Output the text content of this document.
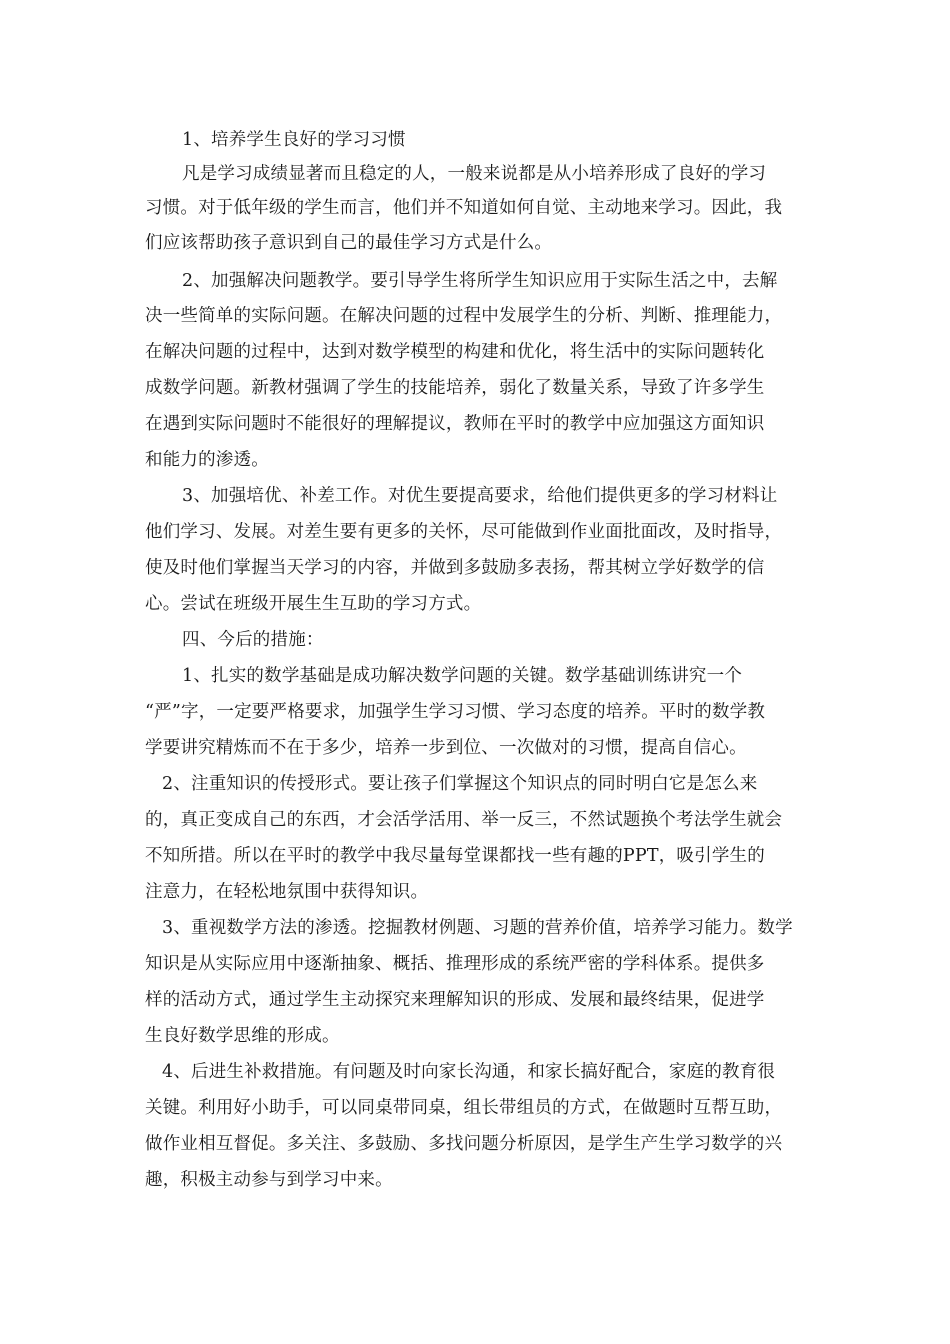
1、培养学生良好的学习习惯
凡是学习成绩显著而且稳定的人，一般来说都是从小培养形成了良好的学习
习惯。对于低年级的学生而言，他们并不知道如何自觉、主动地来学习。因此，我
们应该帮助孩子意识到自己的最佳学习方式是什么。
2、加强解决问题教学。要引导学生将所学生知识应用于实际生活之中，去解
决一些简单的实际问题。在解决问题的过程中发展学生的分析、判断、推理能力，
在解决问题的过程中，达到对数学模型的构建和优化，将生活中的实际问题转化
成数学问题。新教材强调了学生的技能培养，弱化了数量关系，导致了许多学生
在遇到实际问题时不能很好的理解提议，教师在平时的教学中应加强这方面知识
和能力的渗透。
3、加强培优、补差工作。对优生要提高要求，给他们提供更多的学习材料让
他们学习、发展。对差生要有更多的关怀，尽可能做到作业面批面改，及时指导，
使及时他们掌握当天学习的内容，并做到多鼓励多表扬，帮其树立学好数学的信
心。尝试在班级开展生生互助的学习方式。
四、今后的措施：
1、扎实的数学基础是成功解决数学问题的关键。数学基础训练讲究一个
“严”字，一定要严格要求，加强学生学习习惯、学习态度的培养。平时的数学教
学要讲究精炼而不在于多少，培养一步到位、一次做对的习惯，提高自信心。
2、注重知识的传授形式。要让孩子们掌握这个知识点的同时明白它是怎么来
的，真正变成自己的东西，才会活学活用、举一反三，不然试题换个考法学生就会
不知所措。所以在平时的教学中我尽量每堂课都找一些有趣的PPT，吸引学生的
注意力，在轻松地氛围中获得知识。
3、重视数学方法的渗透。挖掘教材例题、习题的营养价值，培养学习能力。数学
知识是从实际应用中逐渐抽象、概括、推理形成的系统严密的学科体系。提供多
样的活动方式，通过学生主动探究来理解知识的形成、发展和最终结果，促进学
生良好数学思维的形成。
4、后进生补救措施。有问题及时向家长沟通，和家长搞好配合，家庭的教育很
关键。利用好小助手，可以同桌带同桌，组长带组员的方式，在做题时互帮互助，
做作业相互督促。多关注、多鼓励、多找问题分析原因，是学生产生学习数学的兴
趣，积极主动参与到学习中来。
